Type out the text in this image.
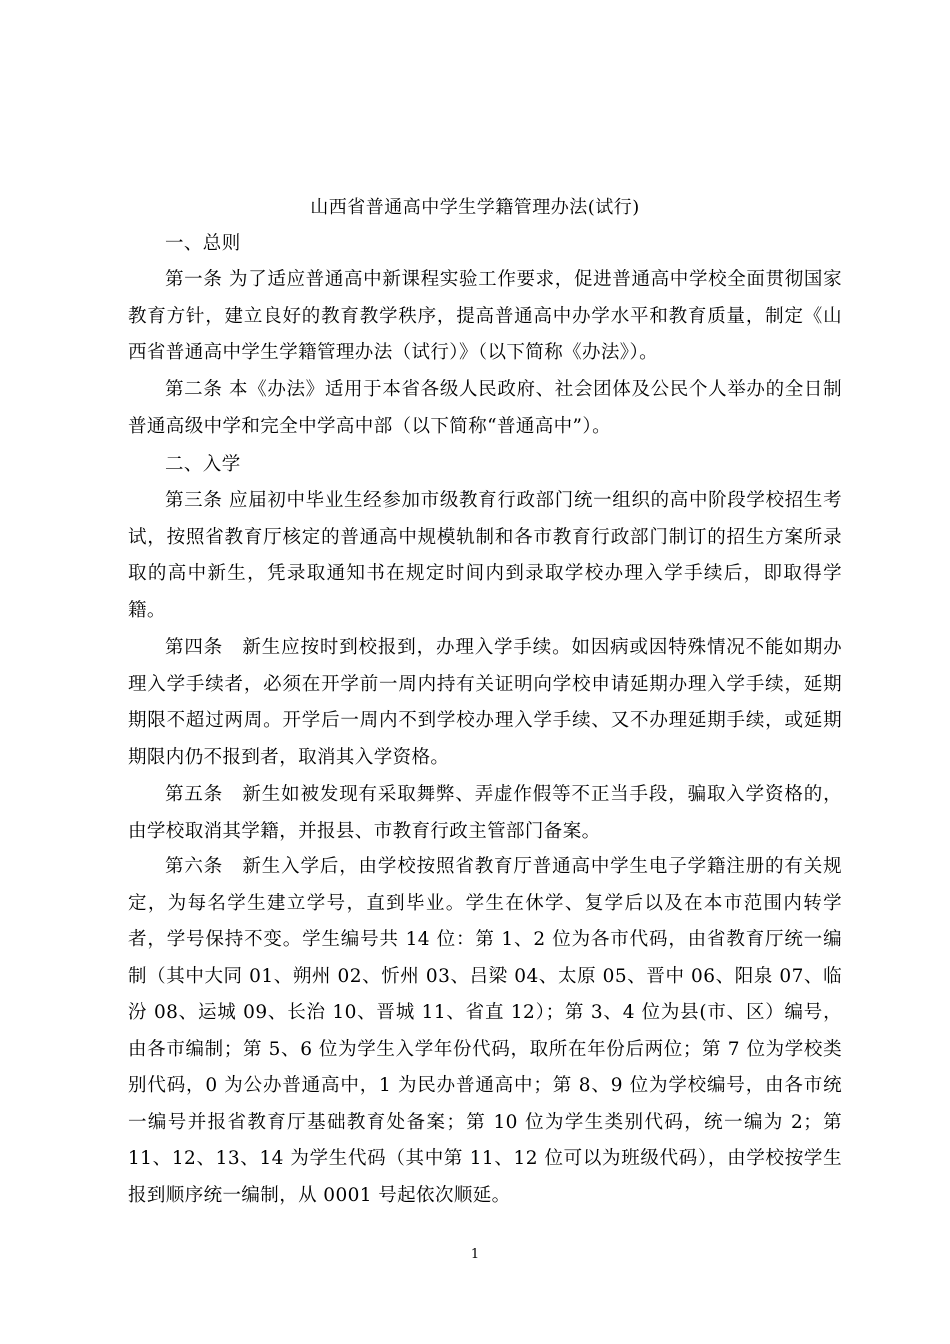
山西省普通高中学生学籍管理办法(试行)
一、总则
第一条 为了适应普通高中新课程实验工作要求，促进普通高中学校全面贯彻国家教育方针，建立良好的教育教学秩序，提高普通高中办学水平和教育质量，制定《山西省普通高中学生学籍管理办法（试行）》（以下简称《办法》）。
第二条 本《办法》适用于本省各级人民政府、社会团体及公民个人举办的全日制普通高级中学和完全中学高中部（以下简称“普通高中”）。
二、入学
第三条 应届初中毕业生经参加市级教育行政部门统一组织的高中阶段学校招生考试，按照省教育厅核定的普通高中规模轨制和各市教育行政部门制订的招生方案所录取的高中新生，凭录取通知书在规定时间内到录取学校办理入学手续后，即取得学籍。
第四条　新生应按时到校报到，办理入学手续。如因病或因特殊情况不能如期办理入学手续者，必须在开学前一周内持有关证明向学校申请延期办理入学手续，延期期限不超过两周。开学后一周内不到学校办理入学手续、又不办理延期手续，或延期期限内仍不报到者，取消其入学资格。
第五条　新生如被发现有采取舞弊、弄虚作假等不正当手段，骗取入学资格的，由学校取消其学籍，并报县、市教育行政主管部门备案。
第六条　新生入学后，由学校按照省教育厅普通高中学生电子学籍注册的有关规定，为每名学生建立学号，直到毕业。学生在休学、复学后以及在本市范围内转学者，学号保持不变。学生编号共 14 位：第 1、2 位为各市代码，由省教育厅统一编制（其中大同 01、朔州 02、忻州 03、吕梁 04、太原 05、晋中 06、阳泉 07、临汾 08、运城 09、长治 10、晋城 11、省直 12）；第 3、4 位为县(市、区）编号，由各市编制；第 5、6 位为学生入学年份代码，取所在年份后两位；第 7 位为学校类别代码，0 为公办普通高中，1 为民办普通高中；第 8、9 位为学校编号，由各市统一编号并报省教育厅基础教育处备案；第 10 位为学生类别代码，统一编为 2；第 11、12、13、14 为学生代码（其中第 11、12 位可以为班级代码），由学校按学生报到顺序统一编制，从 0001 号起依次顺延。
1
